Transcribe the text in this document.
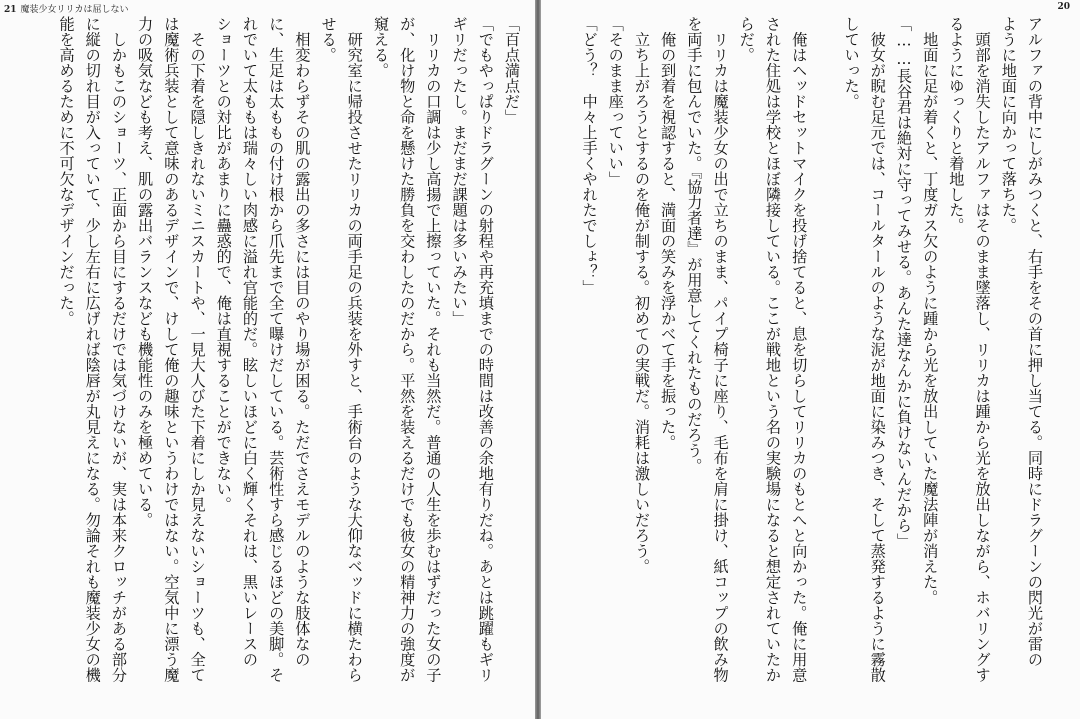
21 魔装少女リリカは屈しない
「百点満点だ」
「でもやっぱりドラグーンの射程や再充填までの時間は改善の余地有りだね。あとは跳躍もギリ
ギリだったし。まだまだ課題は多いみたい」
　リリカの口調は少し高揚で上擦っていた。それも当然だ。普通の人生を歩むはずだった女の子
が、化け物と命を懸けた勝負を交わしたのだから。平然を装えるだけでも彼女の精神力の強度が
窺える。
　研究室に帰投させたリリカの両手足の兵装を外すと、手術台のような大仰なベッドに横たわら
せる。
　相変わらずその肌の露出の多さには目のやり場が困る。ただでさえモデルのような肢体なの
に、生足は太ももの付け根から爪先まで全て曝けだしている。芸術性すら感じるほどの美脚。そ
れでいて太ももは瑞々しい肉感に溢れ官能的だ。眩しいほどに白く輝くそれは、黒いレースの
ショーツとの対比があまりに蠱惑的で、俺は直視することができない。
　その下着を隠しきれないミニスカートや、一見大人びた下着にしか見えないショーツも、全て
は魔術兵装として意味のあるデザインで、けして俺の趣味というわけではない。空気中に漂う魔
力の吸気なども考え、肌の露出バランスなども機能性のみを極めている。
　しかもこのショーツ、正面から目にするだけでは気づけないが、実は本来クロッチがある部分
に縦の切れ目が入っていて、少し左右に広げれば陰唇が丸見えになる。勿論それも魔装少女の機
能を高めるために不可欠なデザインだった。
20
アルファの背中にしがみつくと、右手をその首に押し当てる。同時にドラグーンの閃光が雷の
ように地面に向かって落ちた。
　頭部を消失したアルファはそのまま墜落し、リリカは踵から光を放出しながら、ホバリングす
るようにゆっくりと着地した。
　地面に足が着くと、丁度ガス欠のように踵から光を放出していた魔法陣が消えた。
「……長谷君は絶対に守ってみせる。あんた達なんかに負けないんだから」
　彼女が睨む足元では、コールタールのような泥が地面に染みつき、そして蒸発するように霧散
していった。

　俺はヘッドセットマイクを投げ捨てると、息を切らしてリリカのもとへと向かった。俺に用意
された住処は学校とほぼ隣接している。ここが戦地という名の実験場になると想定されていたか
らだ。
　リリカは魔装少女の出で立ちのまま、パイプ椅子に座り、毛布を肩に掛け、紙コップの飲み物
を両手に包んでいた。『協力者達』が用意してくれたものだろう。
　俺の到着を視認すると、満面の笑みを浮かべて手を振った。
　立ち上がろうとするのを俺が制する。初めての実戦だ。消耗は激しいだろう。
「そのまま座っていい」
「どう？　中々上手くやれたでしょ？」
